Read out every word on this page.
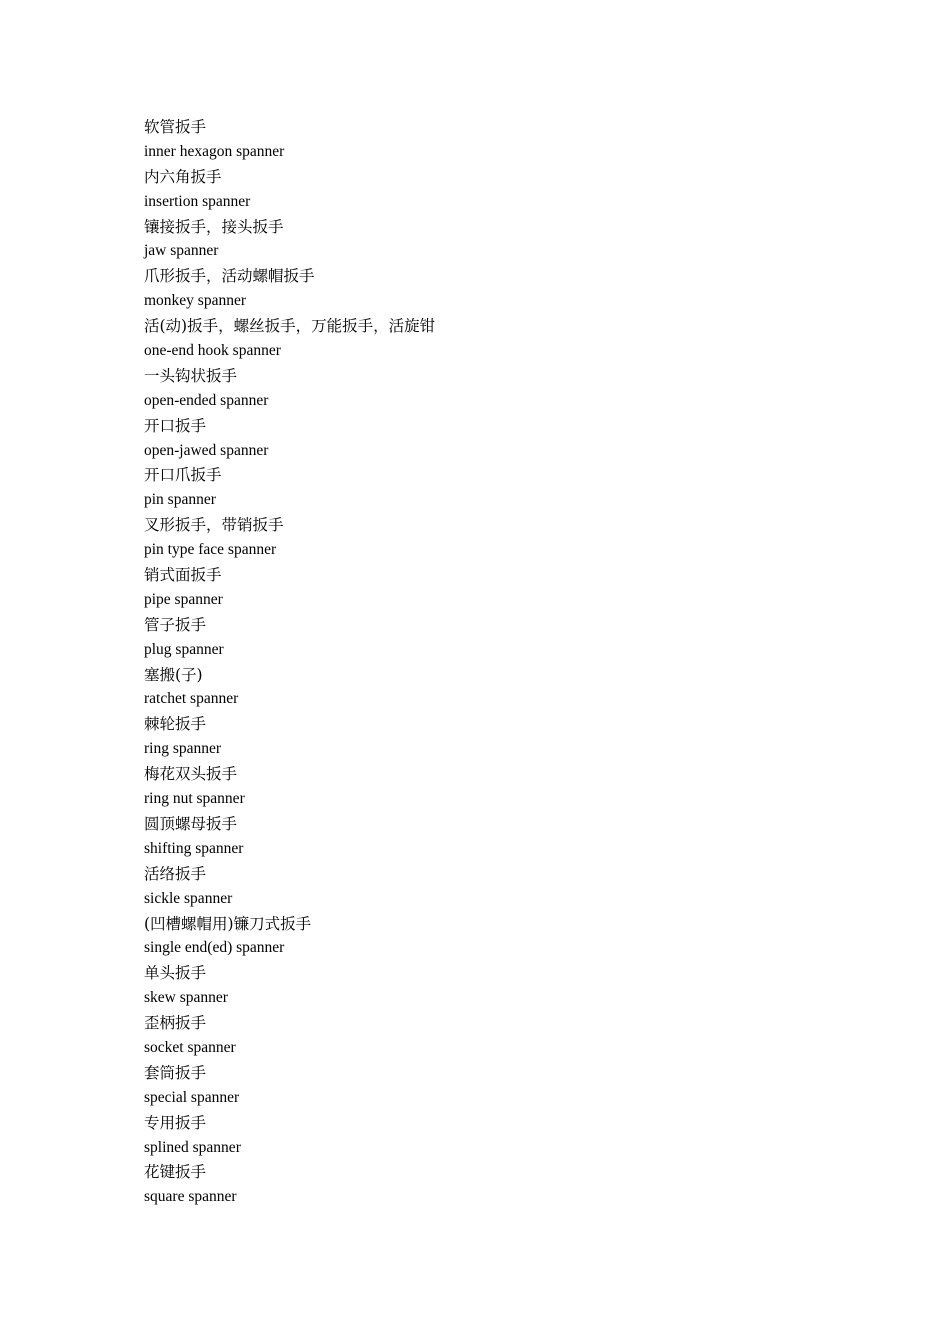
软管扳手
inner hexagon spanner
内六角扳手
insertion spanner
镶接扳手，接头扳手
jaw spanner
爪形扳手，活动螺帽扳手
monkey spanner
活(动)扳手，螺丝扳手，万能扳手，活旋钳
one-end hook spanner
一头钩状扳手
open-ended spanner
开口扳手
open-jawed spanner
开口爪扳手
pin spanner
叉形扳手，带销扳手
pin type face spanner
销式面扳手
pipe spanner
管子扳手
plug spanner
塞搬(子)
ratchet spanner
棘轮扳手
ring spanner
梅花双头扳手
ring nut spanner
圆顶螺母扳手
shifting spanner
活络扳手
sickle spanner
(凹槽螺帽用)镰刀式扳手
single end(ed) spanner
单头扳手
skew spanner
歪柄扳手
socket spanner
套筒扳手
special spanner
专用扳手
splined spanner
花键扳手
square spanner
